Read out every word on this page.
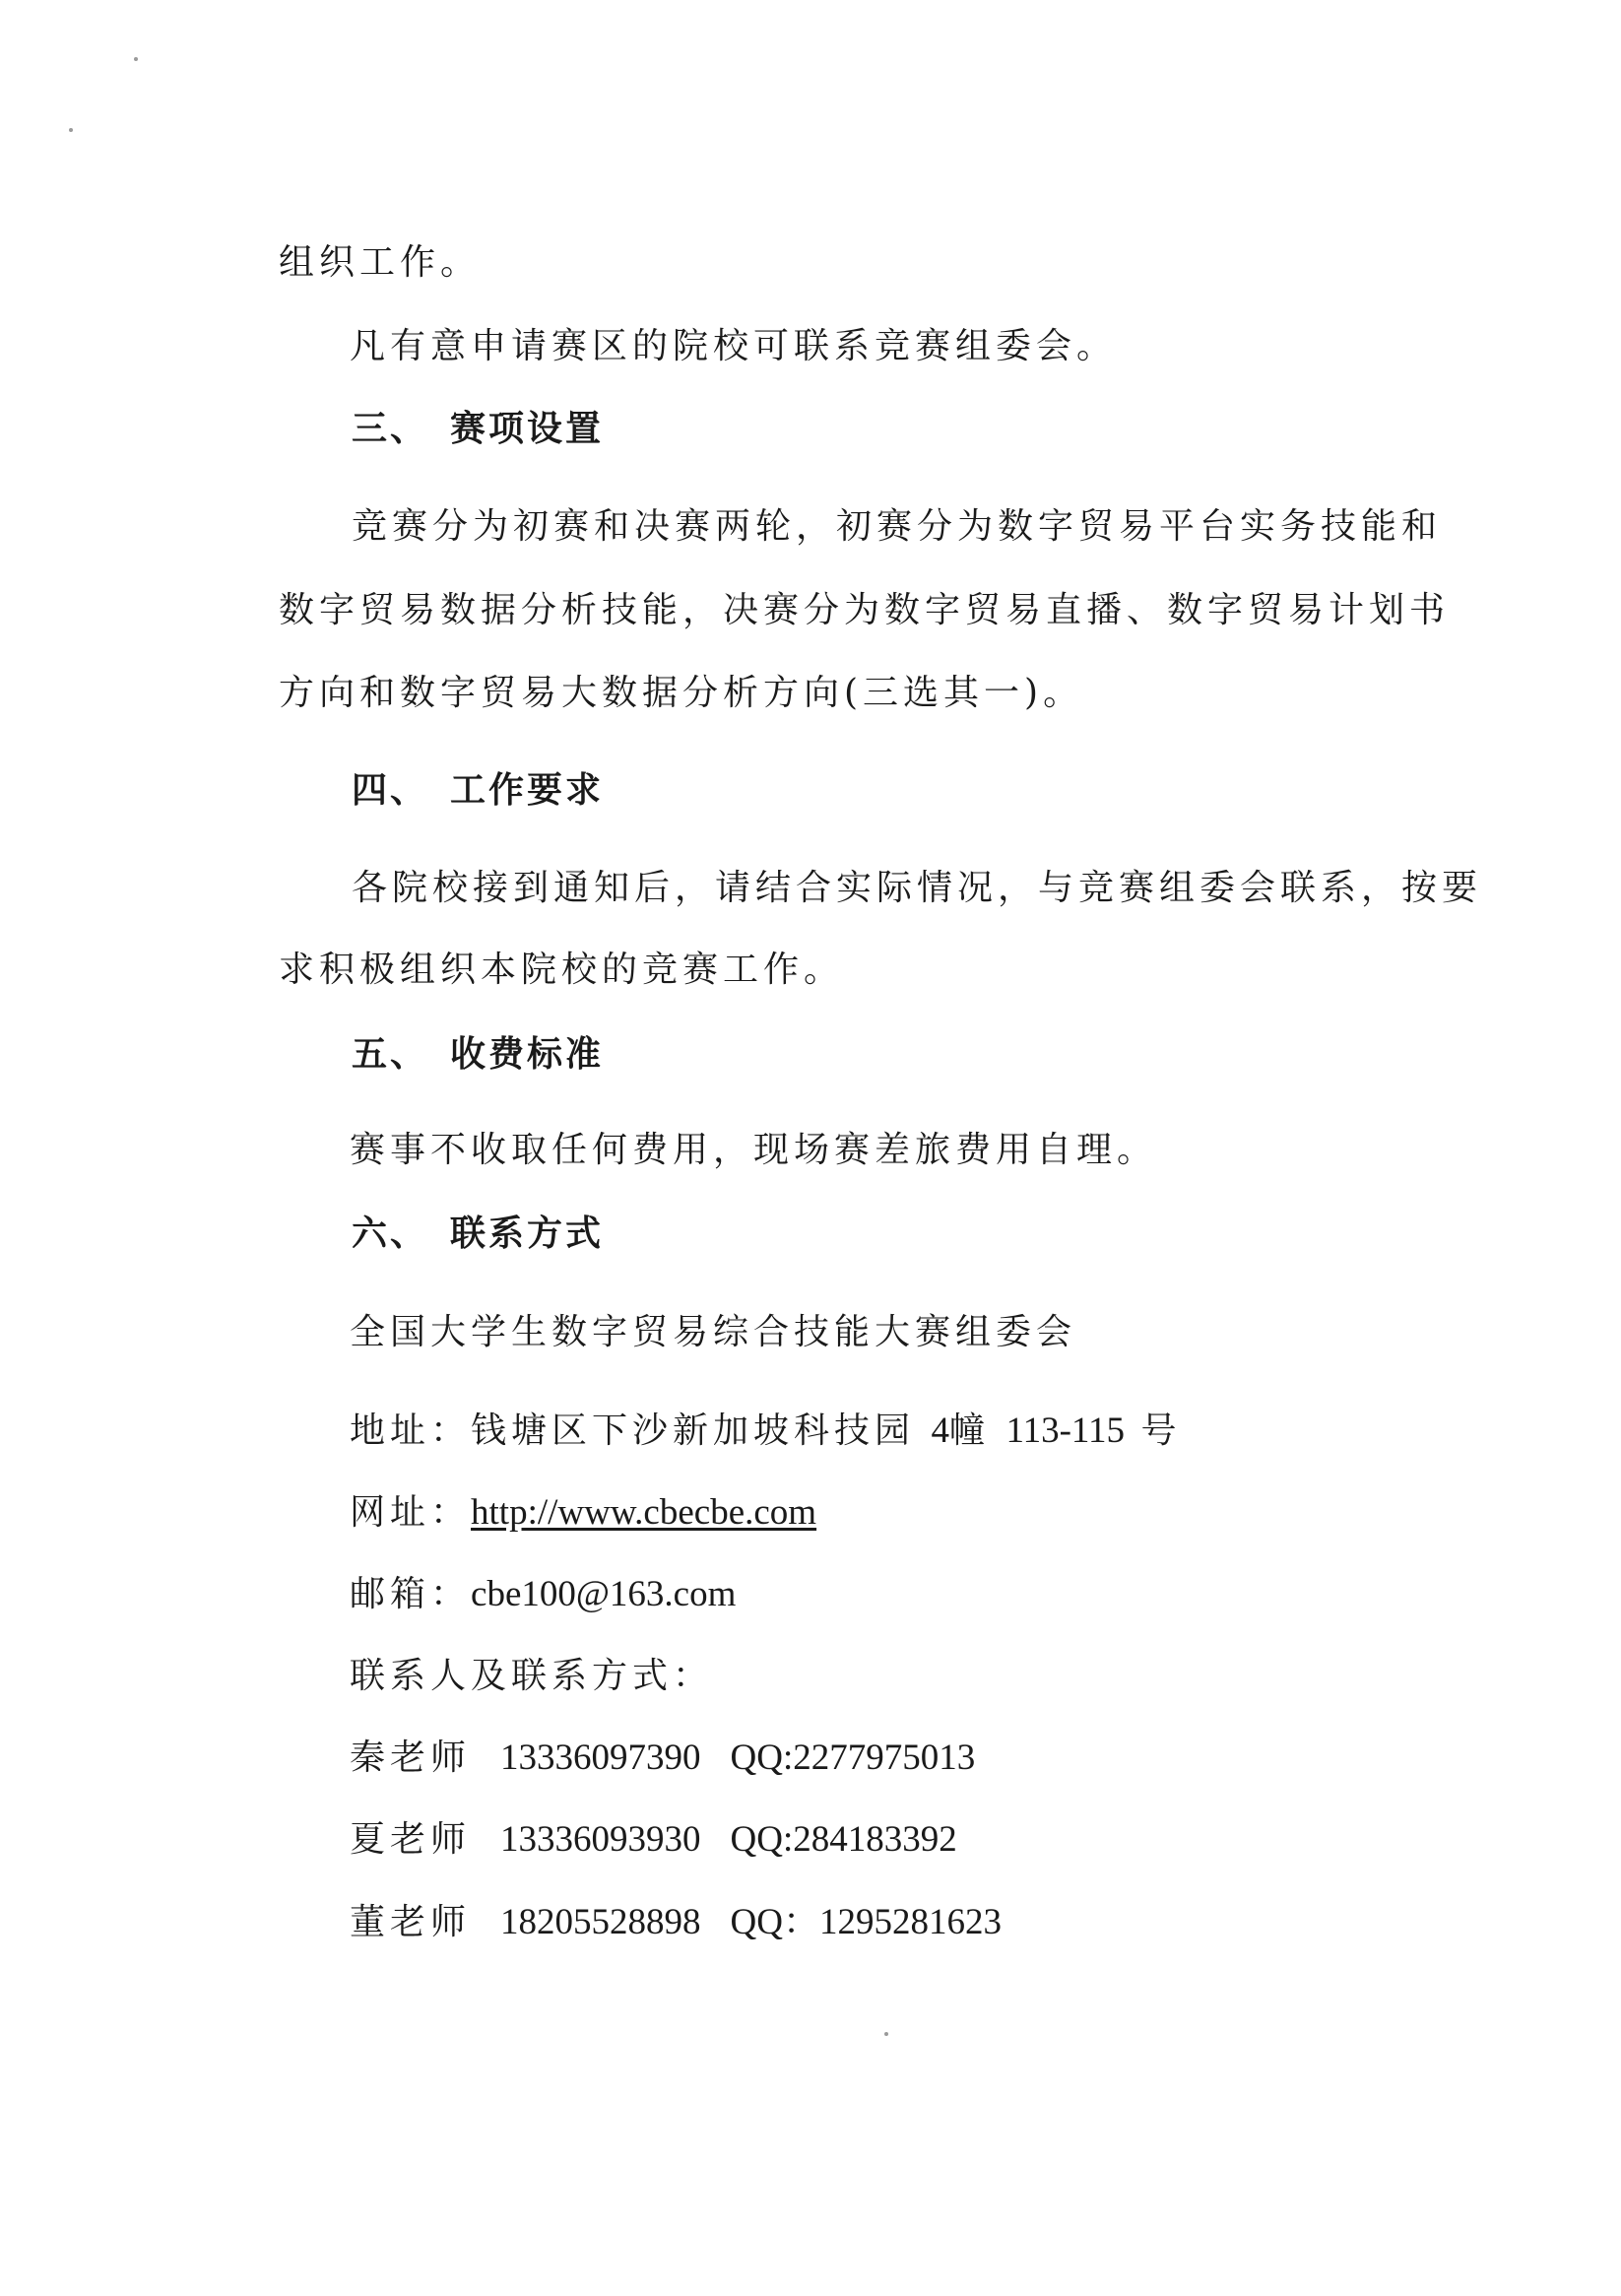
组织工作。
凡有意申请赛区的院校可联系竞赛组委会。
三、 赛项设置
竞赛分为初赛和决赛两轮，初赛分为数字贸易平台实务技能和
数字贸易数据分析技能，决赛分为数字贸易直播、数字贸易计划书
方向和数字贸易大数据分析方向(三选其一)。
四、 工作要求
各院校接到通知后，请结合实际情况，与竞赛组委会联系，按要
求积极组织本院校的竞赛工作。
五、 收费标准
赛事不收取任何费用，现场赛差旅费用自理。
六、 联系方式
全国大学生数字贸易综合技能大赛组委会
地址：钱塘区下沙新加坡科技园 4幢 113-115 号
网址：http://www.cbecbe.com
邮箱：cbe100@163.com
联系人及联系方式：
秦老师 13336097390 QQ:2277975013
夏老师 13336093930 QQ:284183392
董老师 18205528898 QQ：1295281623
